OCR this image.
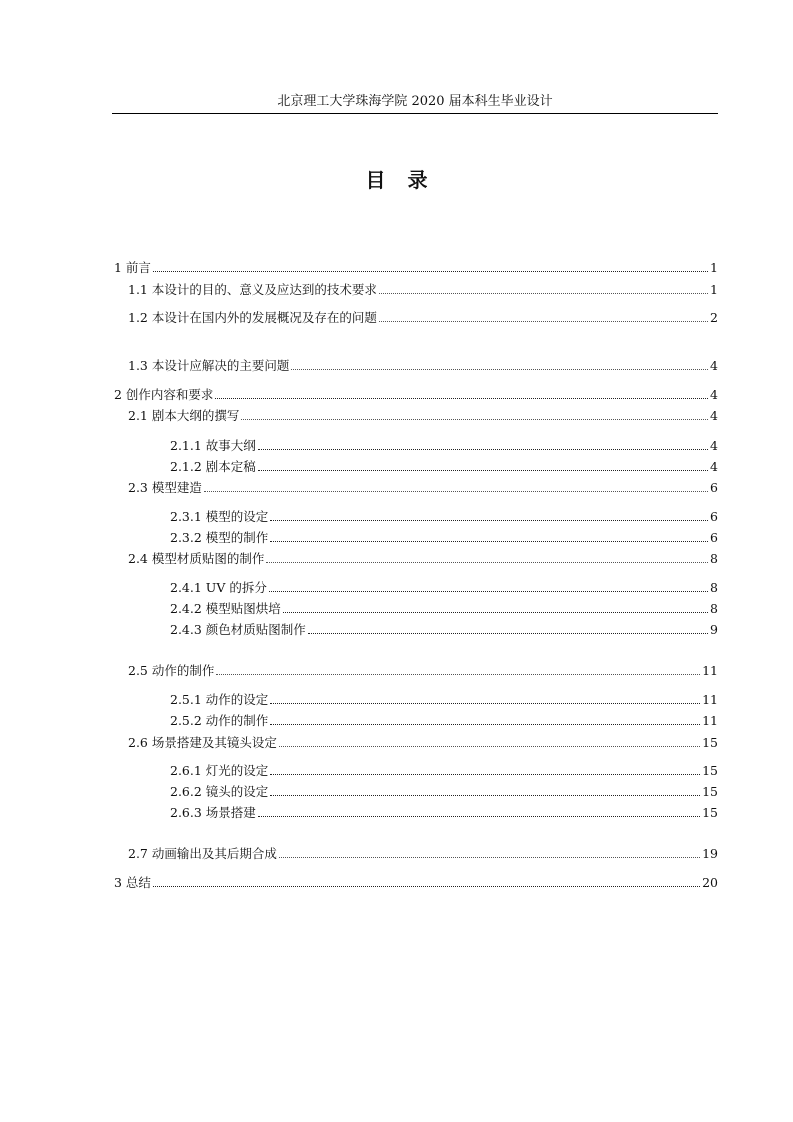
北京理工大学珠海学院 2020 届本科生毕业设计
目录
1 前言	1
1.1 本设计的目的、意义及应达到的技术要求	1
1.2 本设计在国内外的发展概况及存在的问题	2
1.3 本设计应解决的主要问题	4
2 创作内容和要求	4
2.1 剧本大纲的撰写	4
2.1.1 故事大纲	4
2.1.2 剧本定稿	4
2.3 模型建造	6
2.3.1 模型的设定	6
2.3.2 模型的制作	6
2.4 模型材质贴图的制作	8
2.4.1 UV 的拆分	8
2.4.2 模型贴图烘培	8
2.4.3 颜色材质贴图制作	9
2.5 动作的制作	11
2.5.1 动作的设定	11
2.5.2 动作的制作	11
2.6 场景搭建及其镜头设定	15
2.6.1 灯光的设定	15
2.6.2 镜头的设定	15
2.6.3 场景搭建	15
2.7 动画输出及其后期合成	19
3 总结	20
